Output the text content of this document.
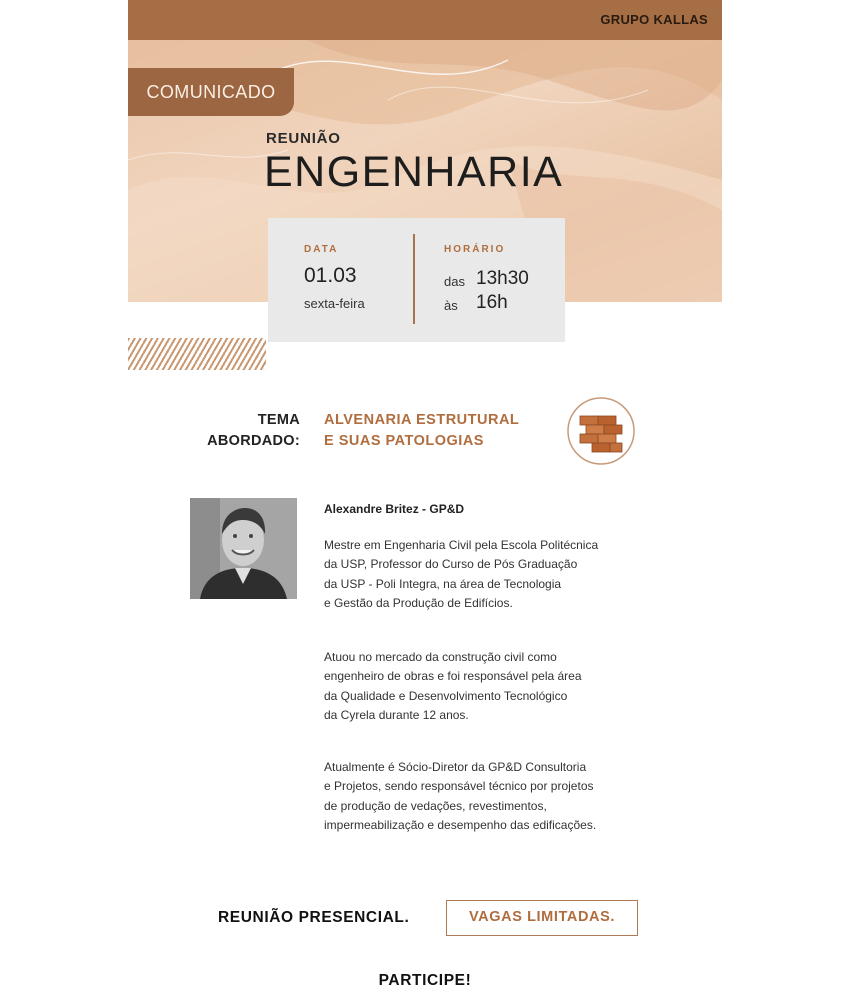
GRUPO KALLAS
COMUNICADO
REUNIÃO
ENGENHARIA
DATA
01.03
sexta-feira
HORÁRIO
das 13h30
às 16h
TEMA
ABORDADO:
ALVENARIA ESTRUTURAL
E SUAS PATOLOGIAS
Alexandre Britez - GP&D

Mestre em Engenharia Civil pela Escola Politécnica
da USP, Professor do Curso de Pós Graduação
da USP - Poli Integra, na área de Tecnologia
e Gestão da Produção de Edifícios.

Atuou no mercado da construção civil como
engenheiro de obras e foi responsável pela área
da Qualidade e Desenvolvimento Tecnológico
da Cyrela durante 12 anos.

Atualmente é Sócio-Diretor da GP&D Consultoria
e Projetos, sendo responsável técnico por projetos
de produção de vedações, revestimentos,
impermeabilização e desempenho das edificações.

REUNIÃO PRESENCIAL.	VAGAS LIMITADAS.
PARTICIPE!
